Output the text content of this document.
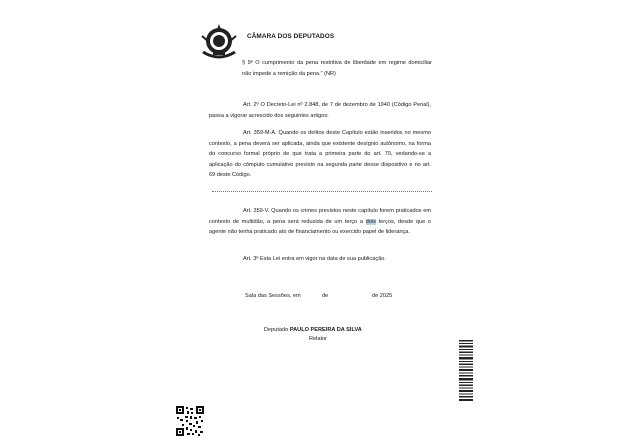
CÂMARA DOS DEPUTADOS
§ 9º O cumprimento da pena restritiva de liberdade em regime domiciliar não impede a remição da pena.” (NR)
Art. 2º O Decreto-Lei nº 2.848, de 7 de dezembro de 1940 (Código Penal), passa a vigorar acrescido dos seguintes artigos:
Art. 359-M-A. Quando os delitos deste Capítulo estão inseridos no mesmo contexto, a pena deverá ser aplicada, ainda que existente desígnio autônomo, na forma do concurso formal próprio de que trata a primeira parte do art. 70, vedando-se a aplicação do cômputo cumulativo previsto na segunda parte desse dispositivo e no art. 69 deste Código.
Art. 359-V. Quando os crimes previstos neste capítulo forem praticados em contexto de multidão, a pena será reduzida de um terço a dois terços, desde que o agente não tenha praticado ato de financiamento ou exercido papel de liderança.
Art. 3º Esta Lei entra em vigor na data de sua publicação.
Sala das Sessões, em	de	de 2025
Deputado PAULO PEREIRA DA SILVA
Relator
